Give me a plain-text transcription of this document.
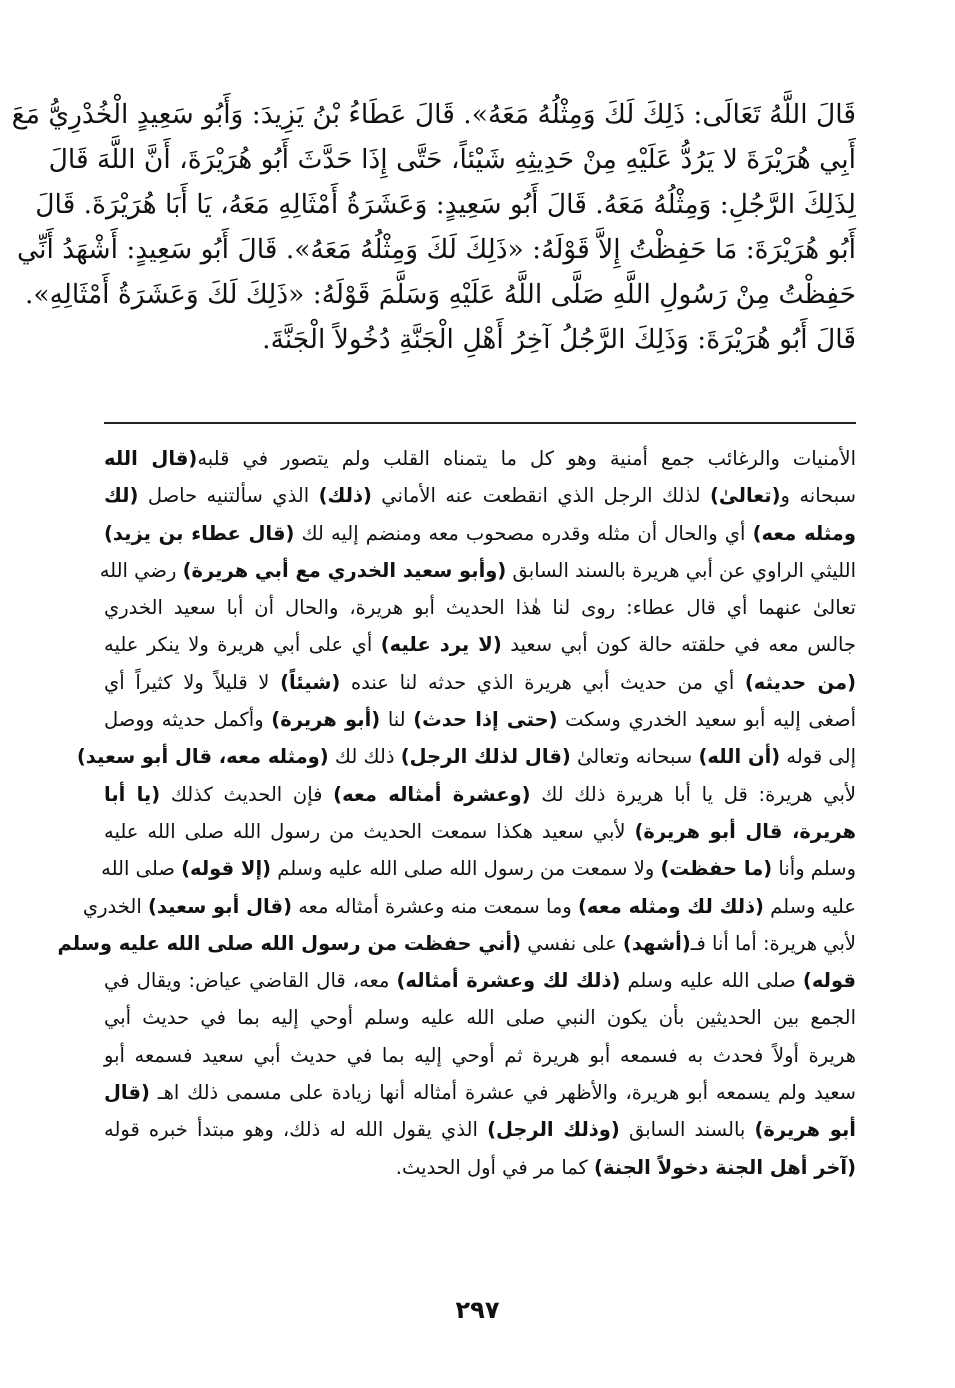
قَالَ اللَّهُ تَعَالَى: ذَلِكَ لَكَ وَمِثْلُهُ مَعَهُ». قَالَ عَطَاءُ بْنُ يَزِيدَ: وَأَبُو سَعِيدٍ الْخُدْرِيُّ مَعَ
أَبِي هُرَيْرَةَ لا يَرُدُّ عَلَيْهِ مِنْ حَدِيثِهِ شَيْئاً، حَتَّى إِذَا حَدَّثَ أَبُو هُرَيْرَةَ، أَنَّ اللَّهَ قَالَ
لِذَلِكَ الرَّجُلِ: وَمِثْلُهُ مَعَهُ. قَالَ أَبُو سَعِيدٍ: وَعَشَرَةُ أَمْثَالِهِ مَعَهُ، يَا أَبَا هُرَيْرَةَ. قَالَ
أَبُو هُرَيْرَةَ: مَا حَفِظْتُ إِلاَّ قَوْلَهُ: «ذَلِكَ لَكَ وَمِثْلُهُ مَعَهُ». قَالَ أَبُو سَعِيدٍ: أَشْهَدُ أَنِّي
حَفِظْتُ مِنْ رَسُولِ اللَّهِ صَلَّى اللَّهُ عَلَيْهِ وَسَلَّمَ قَوْلَهُ: «ذَلِكَ لَكَ وَعَشَرَةُ أَمْثَالِهِ».
قَالَ أَبُو هُرَيْرَةَ: وَذَلِكَ الرَّجُلُ آخِرُ أَهْلِ الْجَنَّةِ دُخُولاً الْجَنَّةَ.
الأمنيات والرغائب جمع أمنية وهو كل ما يتمناه القلب ولم يتصور في قلبه(قال الله
سبحانه و(تعالىٰ) لذلك الرجل الذي انقطعت عنه الأماني (ذلك) الذي سألتنيه حاصل (لك
ومثله معه) أي والحال أن مثله وقدره مصحوب معه ومنضم إليه لك (قال عطاء بن يزيد)
الليثي الراوي عن أبي هريرة بالسند السابق (وأبو سعيد الخدري مع أبي هريرة) رضي الله
تعالىٰ عنهما أي قال عطاء: روى لنا هٰذا الحديث أبو هريرة، والحال أن أبا سعيد الخدري
جالس معه في حلقته حالة كون أبي سعيد (لا يرد عليه) أي على أبي هريرة ولا ينكر عليه
(من حديثه) أي من حديث أبي هريرة الذي حدثه لنا عنده (شيئاً) لا قليلاً ولا كثيراً أي
أصغى إليه أبو سعيد الخدري وسكت (حتى إذا حدث) لنا (أبو هريرة) وأكمل حديثه ووصل
إلى قوله (أن الله) سبحانه وتعالىٰ (قال لذلك الرجل) ذلك لك (ومثله معه، قال أبو سعيد)
لأبي هريرة: قل يا أبا هريرة ذلك لك (وعشرة أمثاله معه) فإن الحديث كذلك (يا أبا
هريرة، قال أبو هريرة) لأبي سعيد هكذا سمعت الحديث من رسول الله صلى الله عليه
وسلم وأنا (ما حفظت) ولا سمعت من رسول الله صلى الله عليه وسلم (إلا قوله) صلى الله
عليه وسلم (ذلك لك ومثله معه) وما سمعت منه وعشرة أمثاله معه (قال أبو سعيد) الخدري
لأبي هريرة: أما أنا فـ(أشهد) على نفسي (أني حفظت من رسول الله صلى الله عليه وسلم
قوله) صلى الله عليه وسلم (ذلك لك وعشرة أمثاله) معه، قال القاضي عياض: ويقال في
الجمع بين الحديثين بأن يكون النبي صلى الله عليه وسلم أوحي إليه بما في حديث أبي
هريرة أولاً فحدث به فسمعه أبو هريرة ثم أوحي إليه بما في حديث أبي سعيد فسمعه أبو
سعيد ولم يسمعه أبو هريرة، والأظهر في عشرة أمثاله أنها زيادة على مسمى ذلك اهـ (قال
أبو هريرة) بالسند السابق (وذلك الرجل) الذي يقول الله له ذلك، وهو مبتدأ خبره قوله
(آخر أهل الجنة دخولاً الجنة) كما مر في أول الحديث.
٢٩٧
